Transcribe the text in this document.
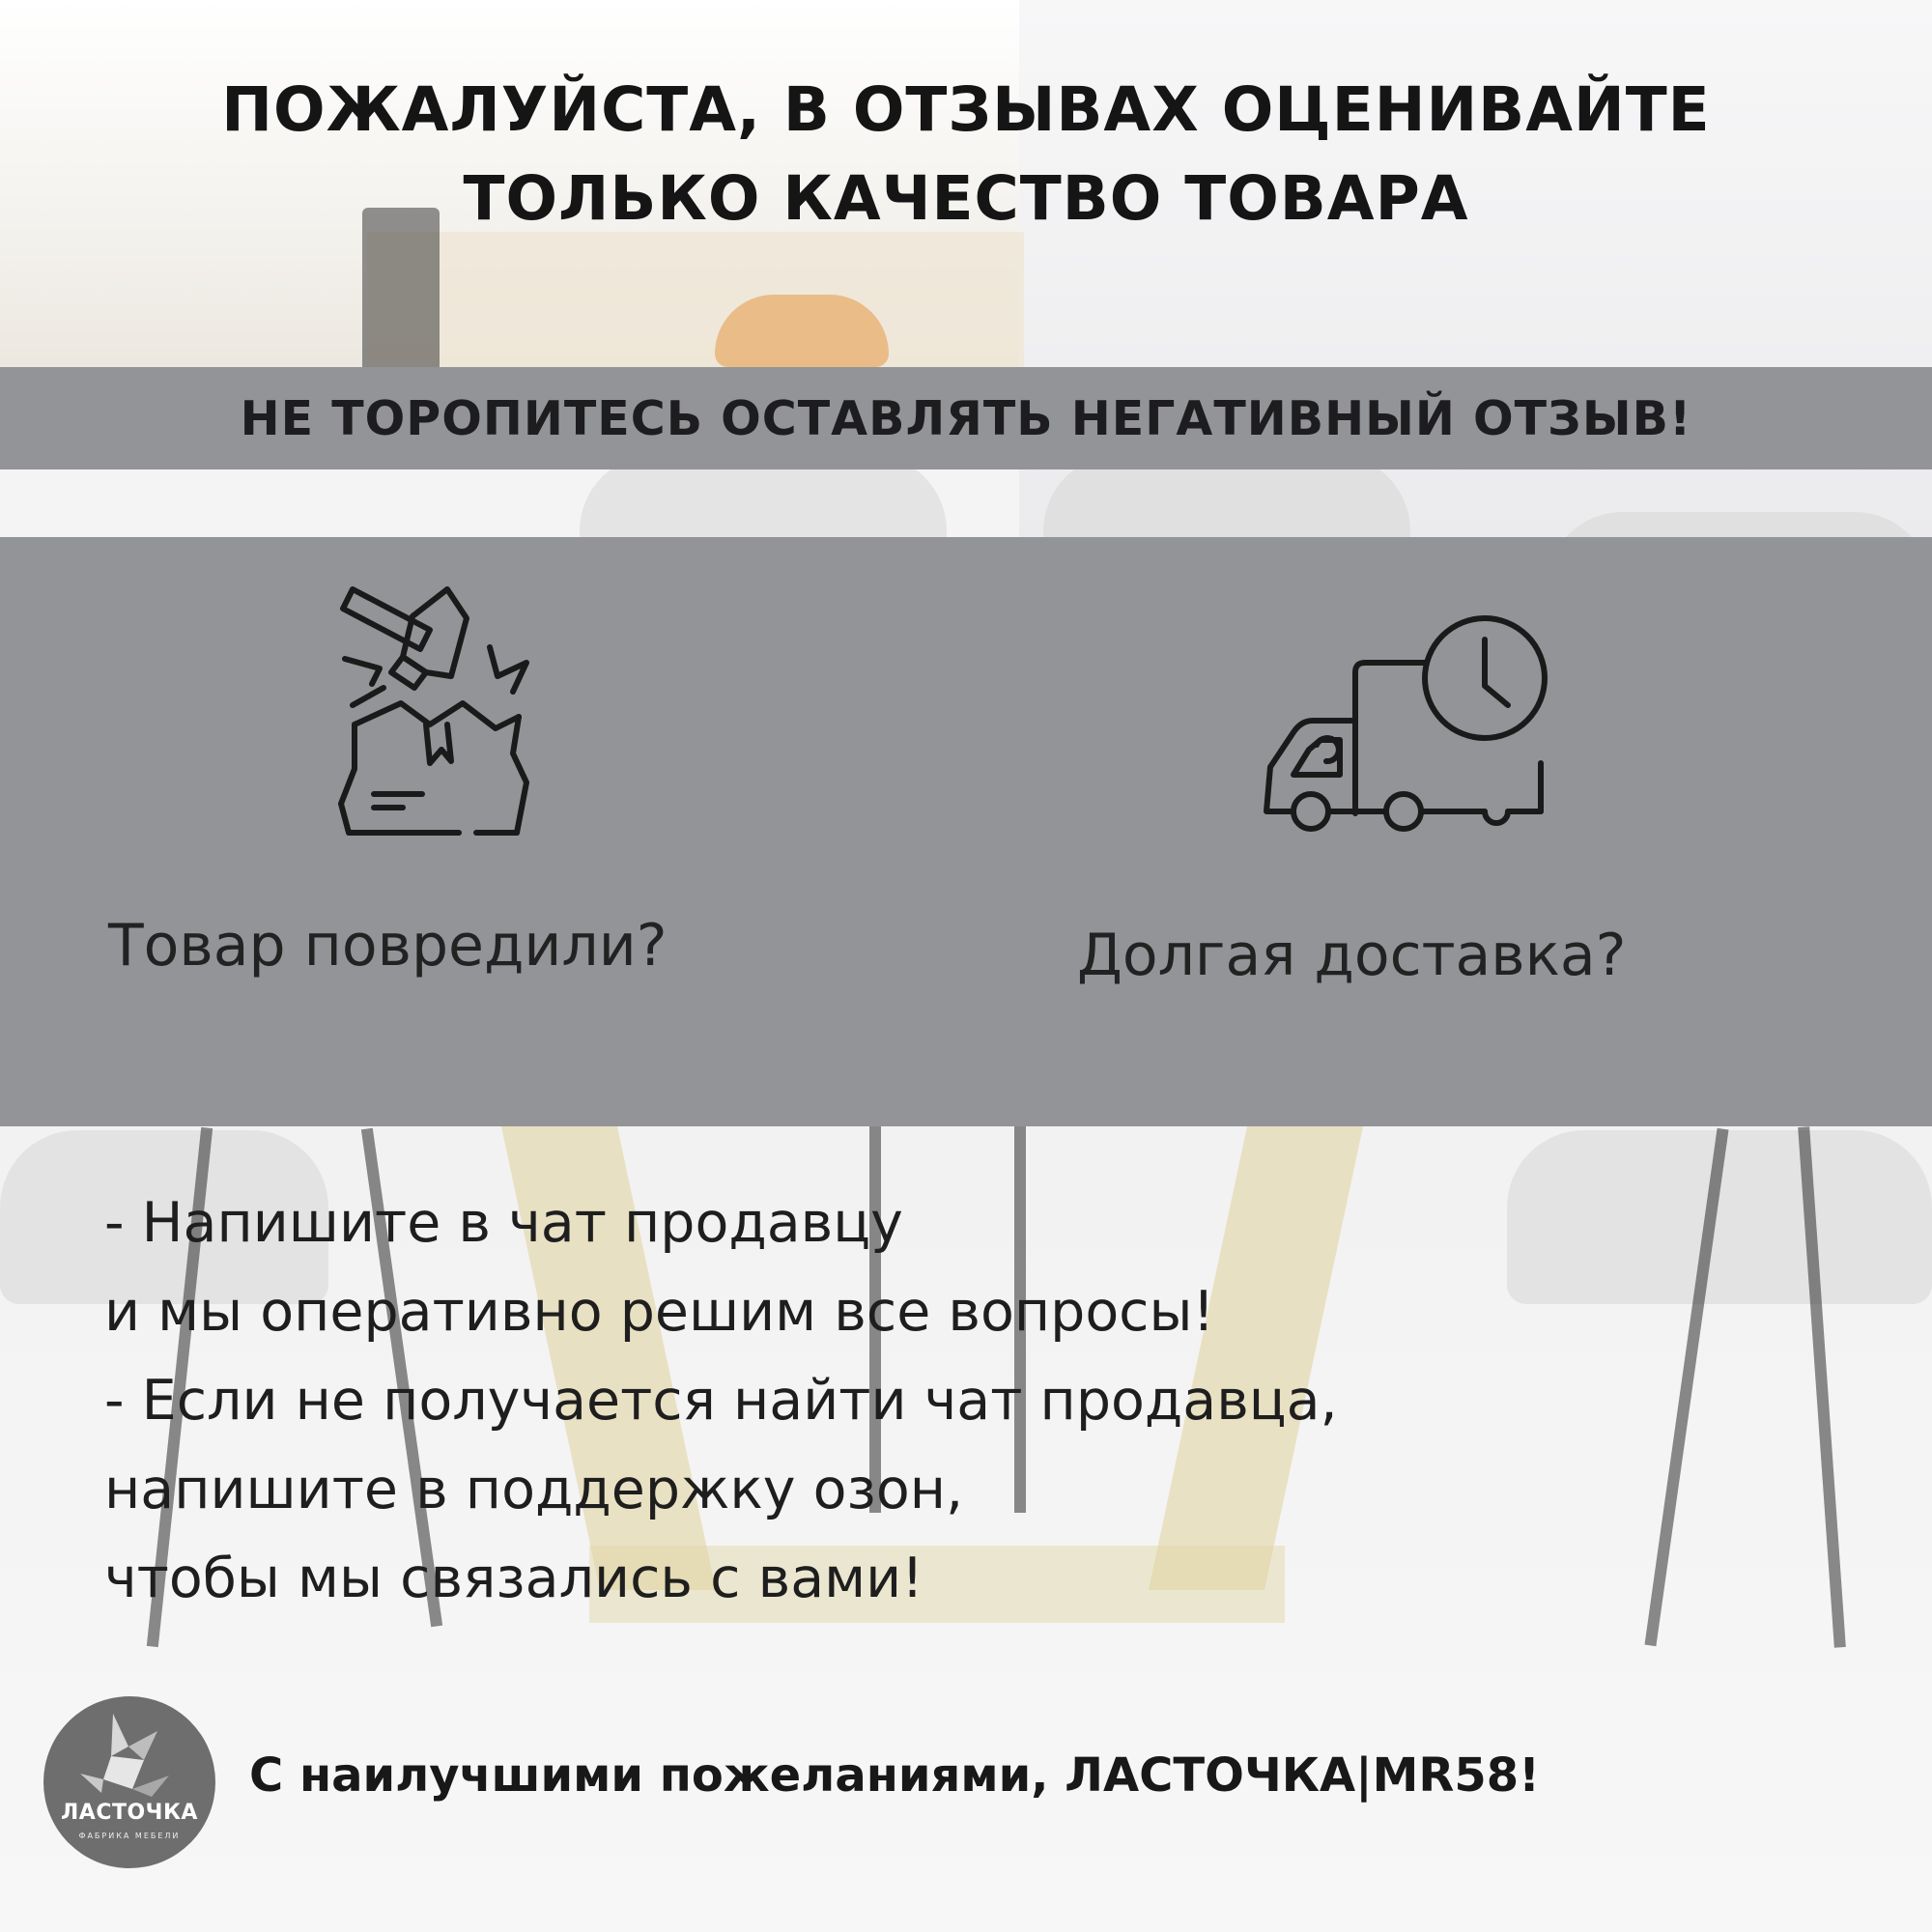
ПОЖАЛУЙСТА, В ОТЗЫВАХ ОЦЕНИВАЙТЕ
ТОЛЬКО КАЧЕСТВО ТОВАРА
НЕ ТОРОПИТЕСЬ ОСТАВЛЯТЬ НЕГАТИВНЫЙ ОТЗЫВ!
Товар повредили?	Долгая доставка?
- Напишите в чат продавцу
и мы оперативно решим все вопросы!
- Если не получается найти чат продавца,
напишите в поддержку озон,
чтобы мы связались с вами!
ЛАСТОЧКА
ФАБРИКА МЕБЕЛИ
С наилучшими пожеланиями, ЛАСТОЧКА|MR58!
